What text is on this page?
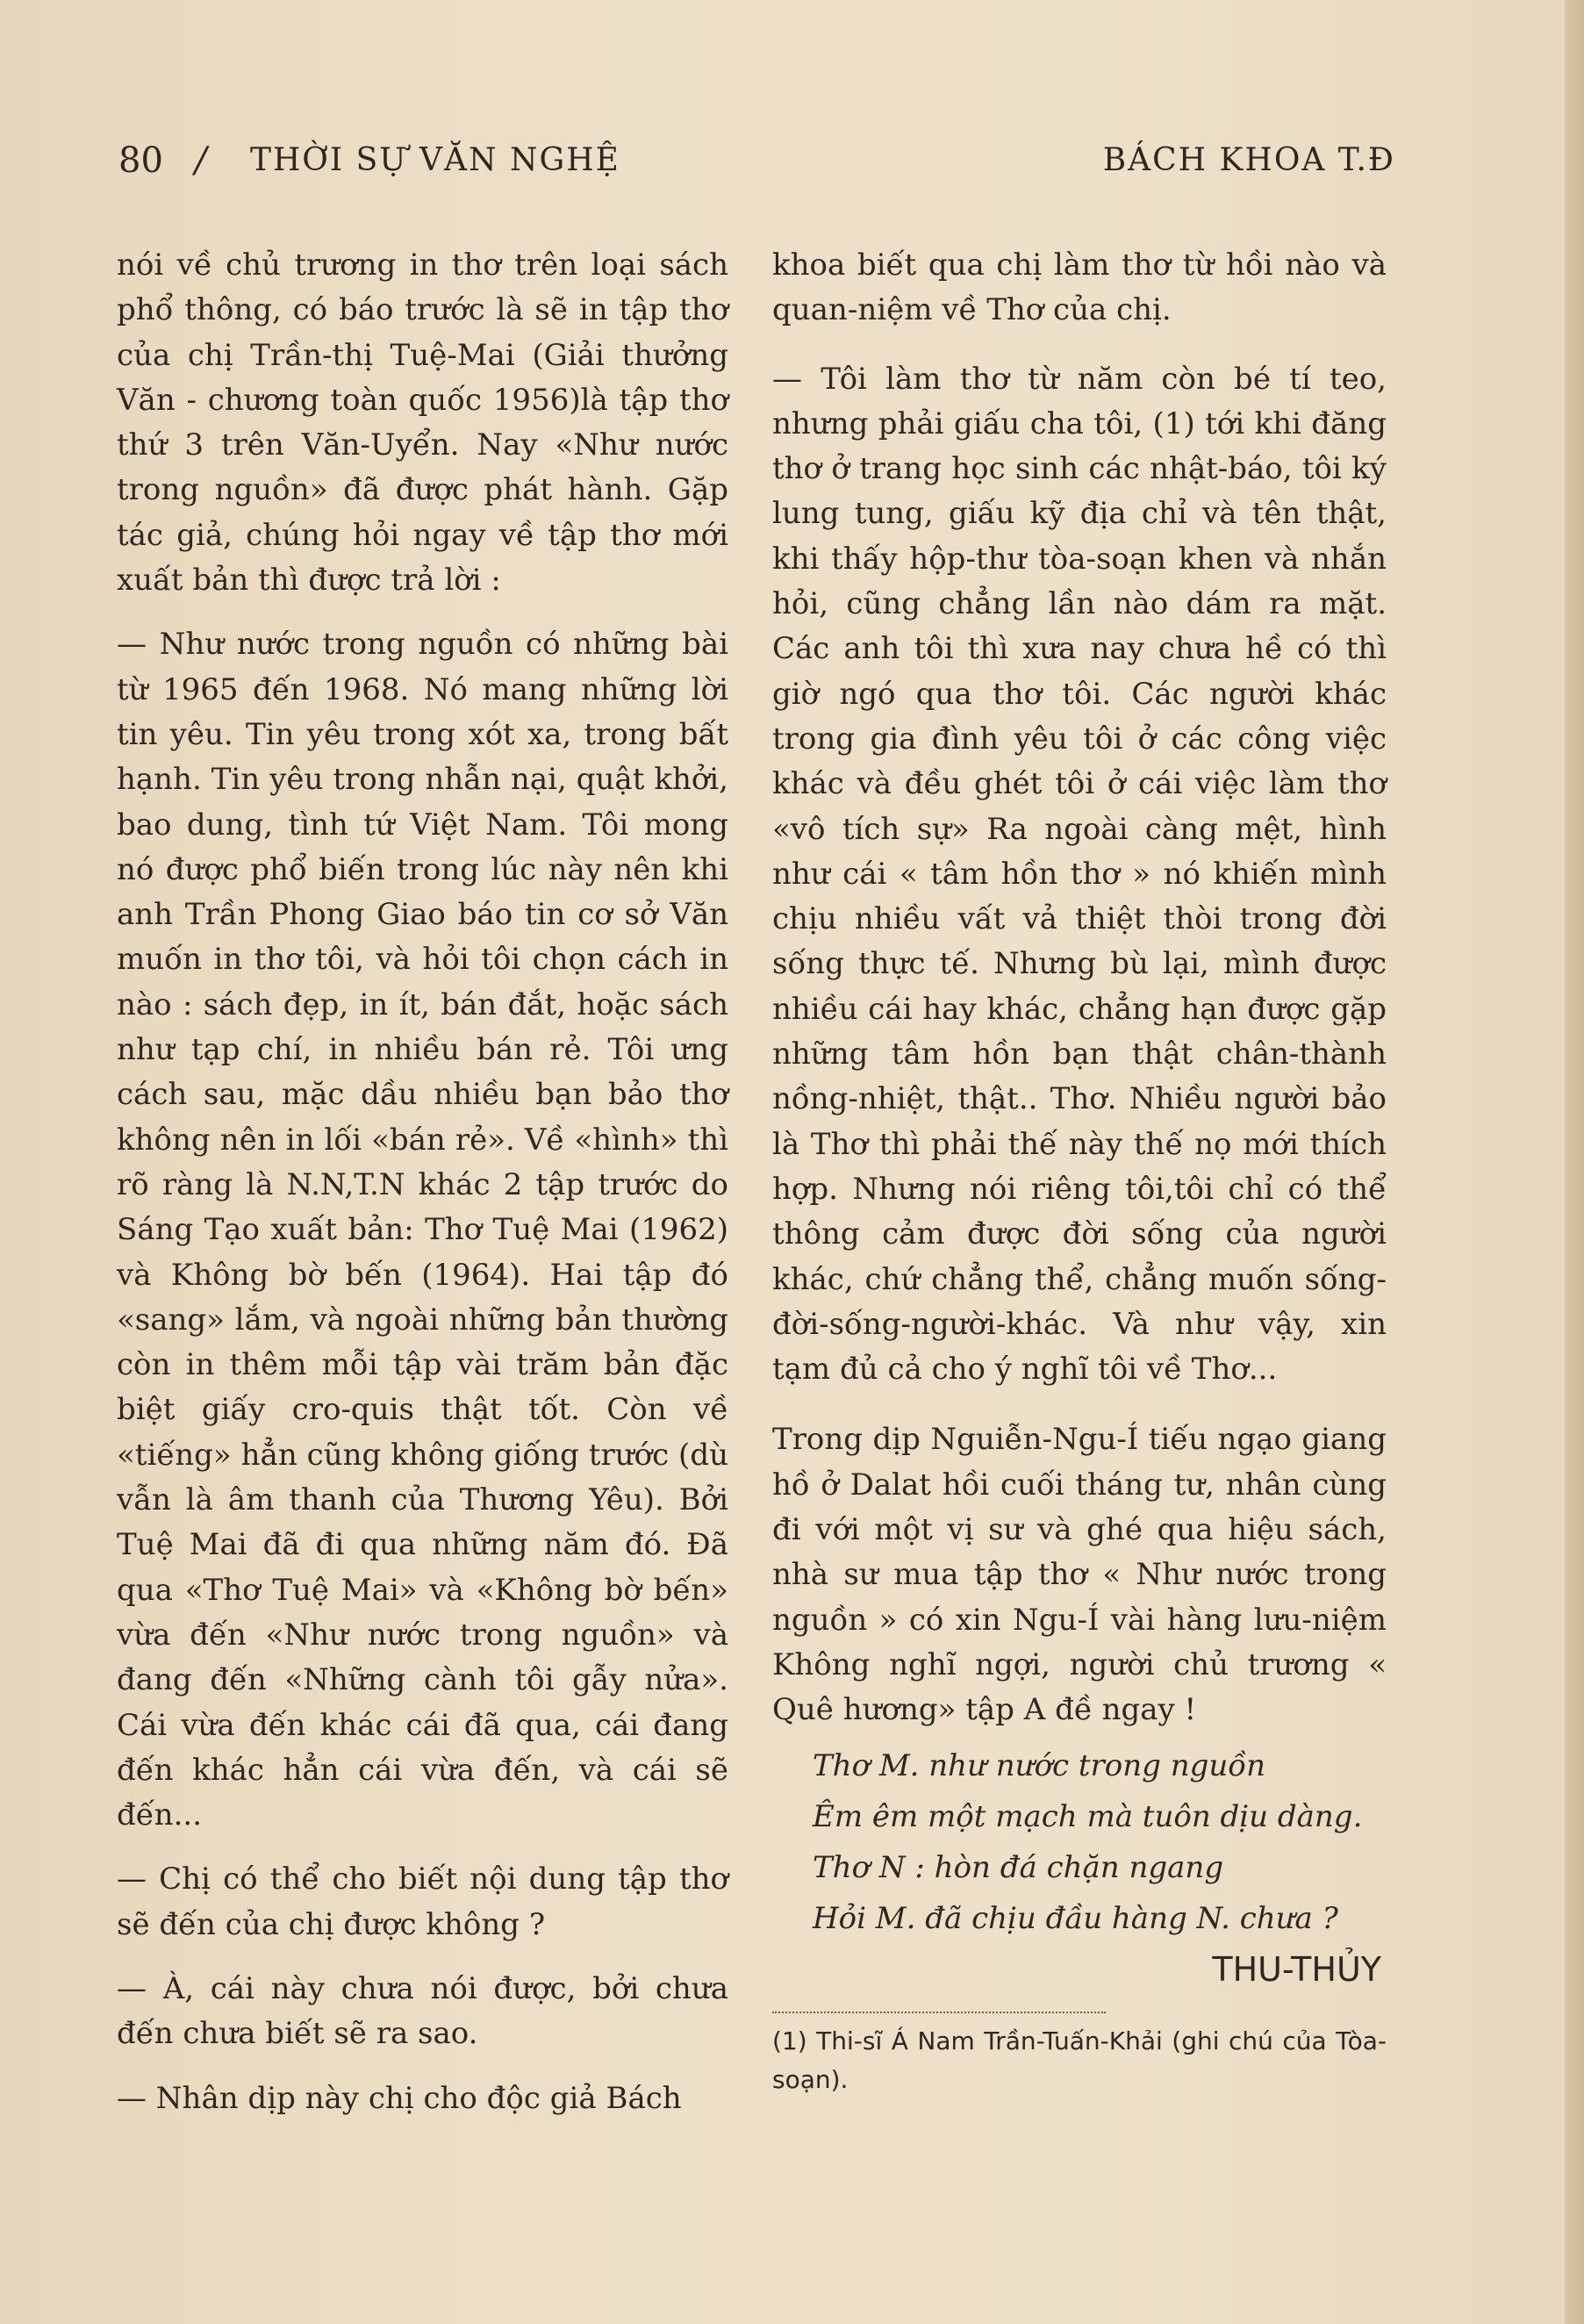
80 / THỜI SỰ VĂN NGHỆ	BÁCH KHOA T.Đ

nói về chủ trương in thơ trên loại sách phổ thông, có báo trước là sẽ in tập thơ của chị Trần-thị Tuệ-Mai (Giải thưởng Văn - chương toàn quốc 1956)là tập thơ thứ 3 trên Văn-Uyển. Nay «Như nước trong nguồn» đã được phát hành. Gặp tác giả, chúng hỏi ngay về tập thơ mới xuất bản thì được trả lời :

— Như nước trong nguồn có những bài từ 1965 đến 1968. Nó mang những lời tin yêu. Tin yêu trong xót xa, trong bất hạnh. Tin yêu trong nhẫn nại, quật khởi, bao dung, tình tứ Việt Nam. Tôi mong nó được phổ biến trong lúc này nên khi anh Trần Phong Giao báo tin cơ sở Văn muốn in thơ tôi, và hỏi tôi chọn cách in nào : sách đẹp, in ít, bán đắt, hoặc sách như tạp chí, in nhiều bán rẻ. Tôi ưng cách sau, mặc dầu nhiều bạn bảo thơ không nên in lối «bán rẻ». Về «hình» thì rõ ràng là N.N,T.N khác 2 tập trước do Sáng Tạo xuất bản: Thơ Tuệ Mai (1962) và Không bờ bến (1964). Hai tập đó «sang» lắm, và ngoài những bản thường còn in thêm mỗi tập vài trăm bản đặc biệt giấy cro-quis thật tốt. Còn về «tiếng» hẳn cũng không giống trước (dù vẫn là âm thanh của Thương Yêu). Bởi Tuệ Mai đã đi qua những năm đó. Đã qua «Thơ Tuệ Mai» và «Không bờ bến» vừa đến «Như nước trong nguồn» và đang đến «Những cành tôi gẫy nửa». Cái vừa đến khác cái đã qua, cái đang đến khác hẳn cái vừa đến, và cái sẽ đến...

— Chị có thể cho biết nội dung tập thơ sẽ đến của chị được không ?

— À, cái này chưa nói được, bởi chưa đến chưa biết sẽ ra sao.

— Nhân dịp này chị cho độc giả Bách

khoa biết qua chị làm thơ từ hồi nào và quan-niệm về Thơ của chị.

— Tôi làm thơ từ năm còn bé tí teo, nhưng phải giấu cha tôi, (1) tới khi đăng thơ ở trang học sinh các nhật-báo, tôi ký lung tung, giấu kỹ địa chỉ và tên thật, khi thấy hộp-thư tòa-soạn khen và nhắn hỏi, cũng chẳng lần nào dám ra mặt. Các anh tôi thì xưa nay chưa hề có thì giờ ngó qua thơ tôi. Các người khác trong gia đình yêu tôi ở các công việc khác và đều ghét tôi ở cái việc làm thơ «vô tích sự» Ra ngoài càng mệt, hình như cái « tâm hồn thơ » nó khiến mình chịu nhiều vất vả thiệt thòi trong đời sống thực tế. Nhưng bù lại, mình được nhiều cái hay khác, chẳng hạn được gặp những tâm hồn bạn thật chân-thành nồng-nhiệt, thật.. Thơ. Nhiều người bảo là Thơ thì phải thế này thế nọ mới thích hợp. Nhưng nói riêng tôi,tôi chỉ có thể thông cảm được đời sống của người khác, chứ chẳng thể, chẳng muốn sống-đời-sống-người-khác. Và như vậy, xin tạm đủ cả cho ý nghĩ tôi về Thơ...

Trong dịp Nguiễn-Ngu-Í tiếu ngạo giang hồ ở Dalat hồi cuối tháng tư, nhân cùng đi với một vị sư và ghé qua hiệu sách, nhà sư mua tập thơ « Như nước trong nguồn » có xin Ngu-Í vài hàng lưu-niệm Không nghĩ ngợi, người chủ trương « Quê hương» tập A đề ngay !

Thơ M. như nước trong nguồn
Êm êm một mạch mà tuôn dịu dàng.
Thơ N : hòn đá chặn ngang
Hỏi M. đã chịu đầu hàng N. chưa ?
THU-THỦY
(1) Thi-sĩ Á Nam Trần-Tuấn-Khải (ghi chú của Tòa-soạn).
